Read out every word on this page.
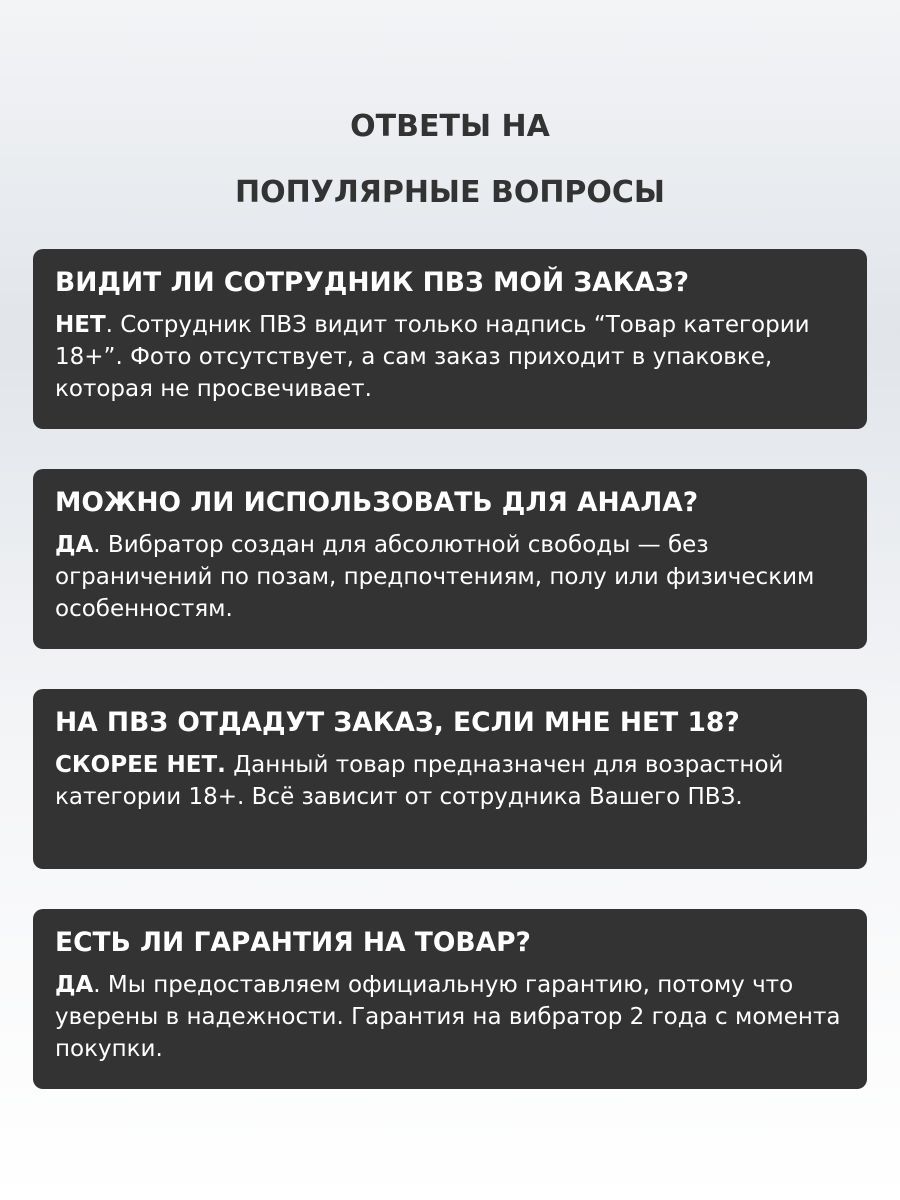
ОТВЕТЫ НА
ПОПУЛЯРНЫЕ ВОПРОСЫ
ВИДИТ ЛИ СОТРУДНИК ПВЗ МОЙ ЗАКАЗ?
НЕТ. Сотрудник ПВЗ видит только надпись “Товар категории 18+”. Фото отсутствует, а сам заказ приходит в упаковке, которая не просвечивает.
МОЖНО ЛИ ИСПОЛЬЗОВАТЬ ДЛЯ АНАЛА?
ДА. Вибратор создан для абсолютной свободы — без ограничений по позам, предпочтениям, полу или физическим особенностям.
НА ПВЗ ОТДАДУТ ЗАКАЗ, ЕСЛИ МНЕ НЕТ 18?
СКОРЕЕ НЕТ. Данный товар предназначен для возрастной категории 18+. Всё зависит от сотрудника Вашего ПВЗ.
ЕСТЬ ЛИ ГАРАНТИЯ НА ТОВАР?
ДА. Мы предоставляем официальную гарантию, потому что уверены в надежности. Гарантия на вибратор 2 года с момента покупки.
